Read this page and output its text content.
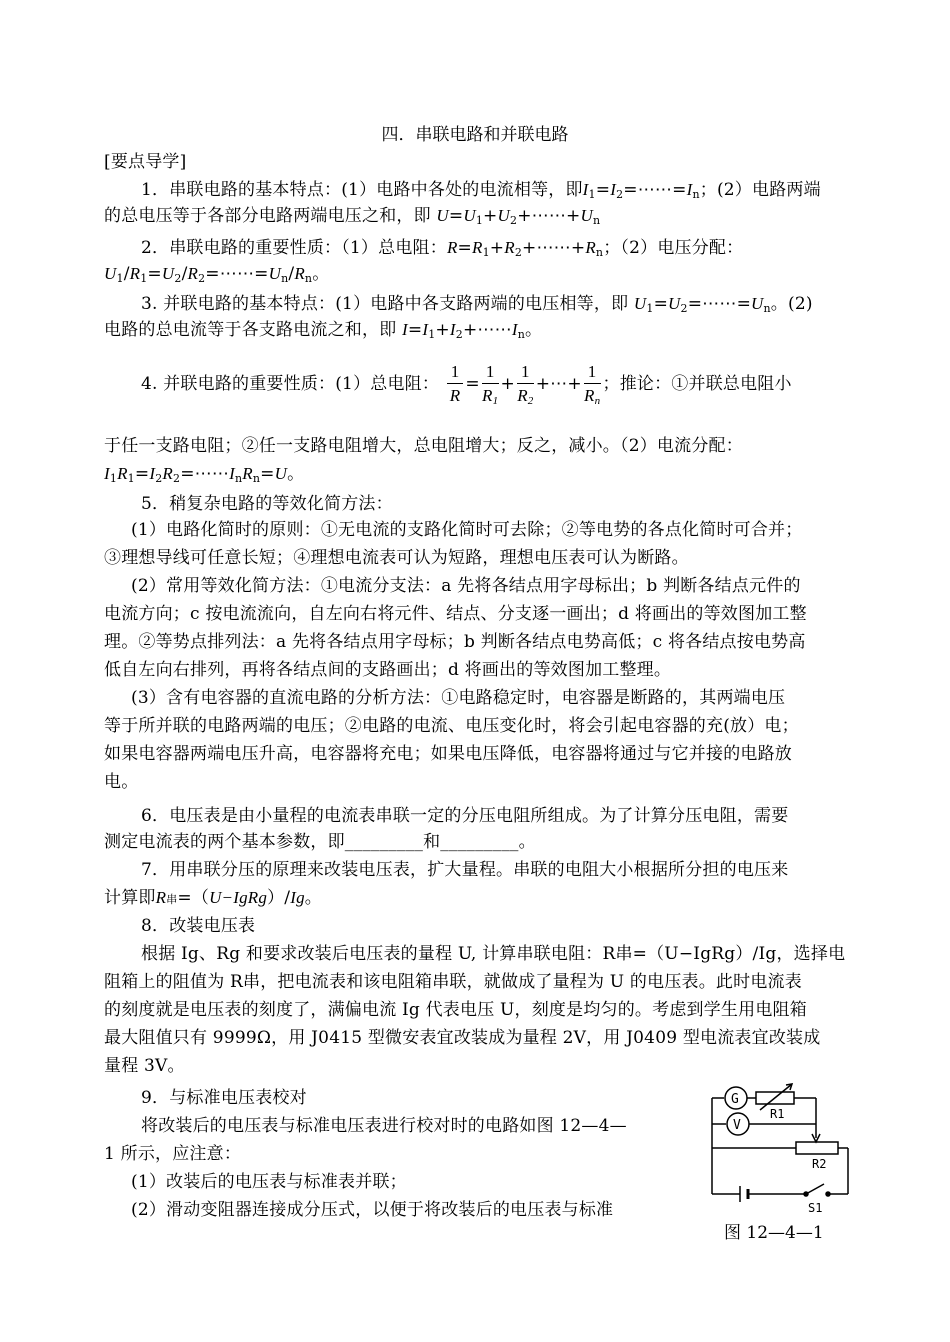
四．串联电路和并联电路
[要点导学]
1．串联电路的基本特点：(1）电路中各处的电流相等，即$I_1=I_2=\cdots\cdots=I_n$；(2）电路两端
的总电压等于各部分电路两端电压之和，即 $U=U_1+U_2+\cdots\cdots+U_n$
2．串联电路的重要性质：（1）总电阻：$R=R_1+R_2+\cdots\cdots+R_n$；（2）电压分配：
$U_1/R_1=U_2/R_2=\cdots\cdots=U_n/R_n$。
3. 并联电路的基本特点：(1）电路中各支路两端的电压相等，即 $U_1=U_2=\cdots\cdots=U_n$。(2)
电路的总电流等于各支路电流之和，即 $I=I_1+I_2+\cdots\cdots I_n$。
4. 并联电路的重要性质：(1）总电阻： $\frac{1}{R} = \frac{1}{R_1} + \frac{1}{R_2}$ +⋯+ $\frac{1}{R_n}$ ；推论：①并联总电阻小
于任一支路电阻；②任一支路电阻增大，总电阻增大；反之，减小。（2）电流分配：
$I_1R_1=I_2R_2=\cdots\cdots I_nR_n=U$。
5．稍复杂电路的等效化简方法：
(1）电路化简时的原则：①无电流的支路化简时可去除；②等电势的各点化简时可合并；
③理想导线可任意长短；④理想电流表可认为短路，理想电压表可认为断路。
(2）常用等效化简方法：①电流分支法：a 先将各结点用字母标出；b 判断各结点元件的
电流方向；c 按电流流向，自左向右将元件、结点、分支逐一画出；d 将画出的等效图加工整
理。②等势点排列法：a 先将各结点用字母标；b 判断各结点电势高低；c 将各结点按电势高
低自左向右排列，再将各结点间的支路画出；d 将画出的等效图加工整理。
(3）含有电容器的直流电路的分析方法：①电路稳定时，电容器是断路的，其两端电压
等于所并联的电路两端的电压；②电路的电流、电压变化时，将会引起电容器的充(放）电；
如果电容器两端电压升高，电容器将充电；如果电压降低，电容器将通过与它并接的电路放
电。
6．电压表是由小量程的电流表串联一定的分压电阻所组成。为了计算分压电阻，需要
测定电流表的两个基本参数，即_________和_________。
7．用串联分压的原理来改装电压表，扩大量程。串联的电阻大小根据所分担的电压来
计算即R串=（U−IgRg）/Ig。
8．改装电压表
根据 Ig、Rg 和要求改装后电压表的量程 U, 计算串联电阻：R串=（U−IgRg）/Ig，选择电
阻箱上的阻值为 R串，把电流表和该电阻箱串联，就做成了量程为 U 的电压表。此时电流表
的刻度就是电压表的刻度了，满偏电流 Ig 代表电压 U，刻度是均匀的。考虑到学生用电阻箱
最大阻值只有 9999Ω，用 J0415 型微安表宜改装成为量程 2V，用 J0409 型电流表宜改装成
量程 3V。
9．与标准电压表校对
将改装后的电压表与标准电压表进行校对时的电路如图 12—4—
1 所示，应注意：
(1）改装后的电压表与标准表并联；
(2）滑动变阻器连接成分压式，以便于将改装后的电压表与标准
G
R1
V
R2
S1
图 12—4—1
